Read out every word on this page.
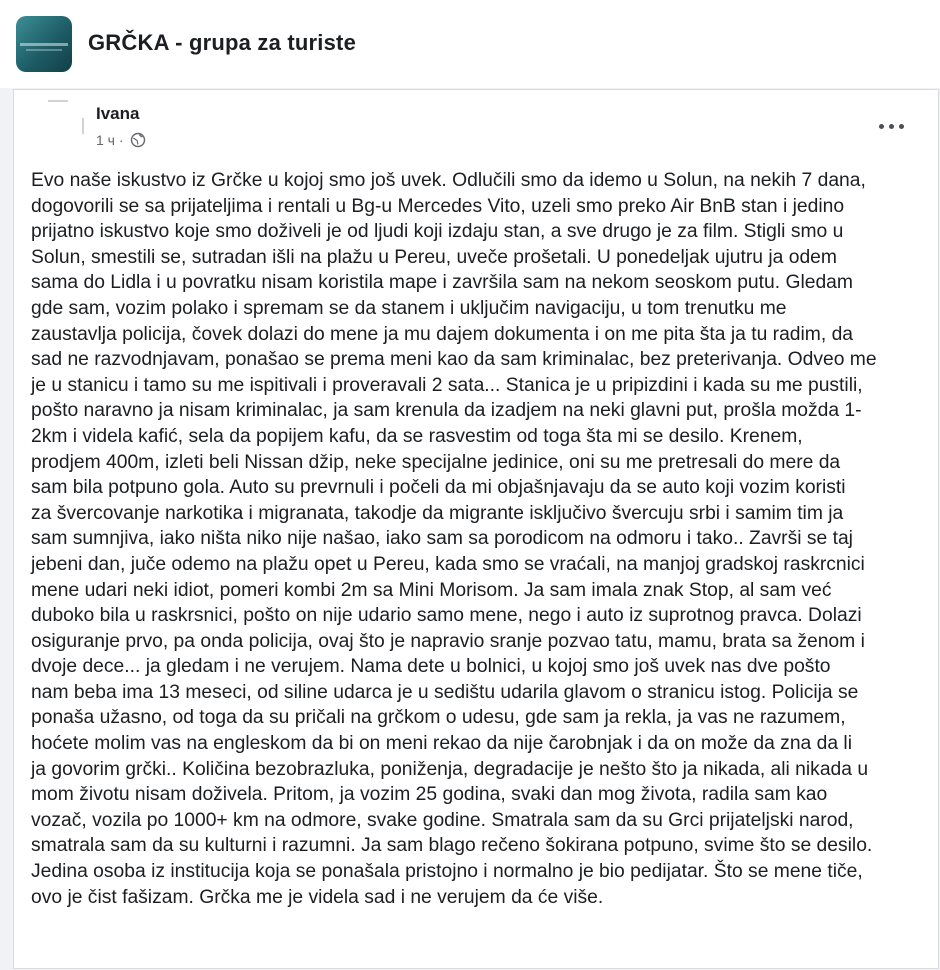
GRČKA - grupa za turiste
Ivana
1 ч ·
Evo naše iskustvo iz Grčke u kojoj smo još uvek. Odlučili smo da idemo u Solun, na nekih 7 dana,
dogovorili se sa prijateljima i rentali u Bg-u Mercedes Vito, uzeli smo preko Air BnB stan i jedino
prijatno iskustvo koje smo doživeli je od ljudi koji izdaju stan, a sve drugo je za film. Stigli smo u
Solun, smestili se, sutradan išli na plažu u Pereu, uveče prošetali. U ponedeljak ujutru ja odem
sama do Lidla i u povratku nisam koristila mape i završila sam na nekom seoskom putu. Gledam
gde sam, vozim polako i spremam se da stanem i uključim navigaciju, u tom trenutku me
zaustavlja policija, čovek dolazi do mene ja mu dajem dokumenta i on me pita šta ja tu radim, da
sad ne razvodnjavam, ponašao se prema meni kao da sam kriminalac, bez preterivanja. Odveo me
je u stanicu i tamo su me ispitivali i proveravali 2 sata... Stanica je u pripizdini i kada su me pustili,
pošto naravno ja nisam kriminalac, ja sam krenula da izadjem na neki glavni put, prošla možda 1-
2km i videla kafić, sela da popijem kafu, da se rasvestim od toga šta mi se desilo. Krenem,
prodjem 400m, izleti beli Nissan džip, neke specijalne jedinice, oni su me pretresali do mere da
sam bila potpuno gola. Auto su prevrnuli i počeli da mi objašnjavaju da se auto koji vozim koristi
za švercovanje narkotika i migranata, takodje da migrante isključivo švercuju srbi i samim tim ja
sam sumnjiva, iako ništa niko nije našao, iako sam sa porodicom na odmoru i tako.. Završi se taj
jebeni dan, juče odemo na plažu opet u Pereu, kada smo se vraćali, na manjoj gradskoj raskrcnici
mene udari neki idiot, pomeri kombi 2m sa Mini Morisom. Ja sam imala znak Stop, al sam već
duboko bila u raskrsnici, pošto on nije udario samo mene, nego i auto iz suprotnog pravca. Dolazi
osiguranje prvo, pa onda policija, ovaj što je napravio sranje pozvao tatu, mamu, brata sa ženom i
dvoje dece... ja gledam i ne verujem. Nama dete u bolnici, u kojoj smo još uvek nas dve pošto
nam beba ima 13 meseci, od siline udarca je u sedištu udarila glavom o stranicu istog. Policija se
ponaša užasno, od toga da su pričali na grčkom o udesu, gde sam ja rekla, ja vas ne razumem,
hoćete molim vas na engleskom da bi on meni rekao da nije čarobnjak i da on može da zna da li
ja govorim grčki.. Količina bezobrazluka, poniženja, degradacije je nešto što ja nikada, ali nikada u
mom životu nisam doživela. Pritom, ja vozim 25 godina, svaki dan mog života, radila sam kao
vozač, vozila po 1000+ km na odmore, svake godine. Smatrala sam da su Grci prijateljski narod,
smatrala sam da su kulturni i razumni. Ja sam blago rečeno šokirana potpuno, svime što se desilo.
Jedina osoba iz institucija koja se ponašala pristojno i normalno je bio pedijatar. Što se mene tiče,
ovo je čist fašizam. Grčka me je videla sad i ne verujem da će više.
